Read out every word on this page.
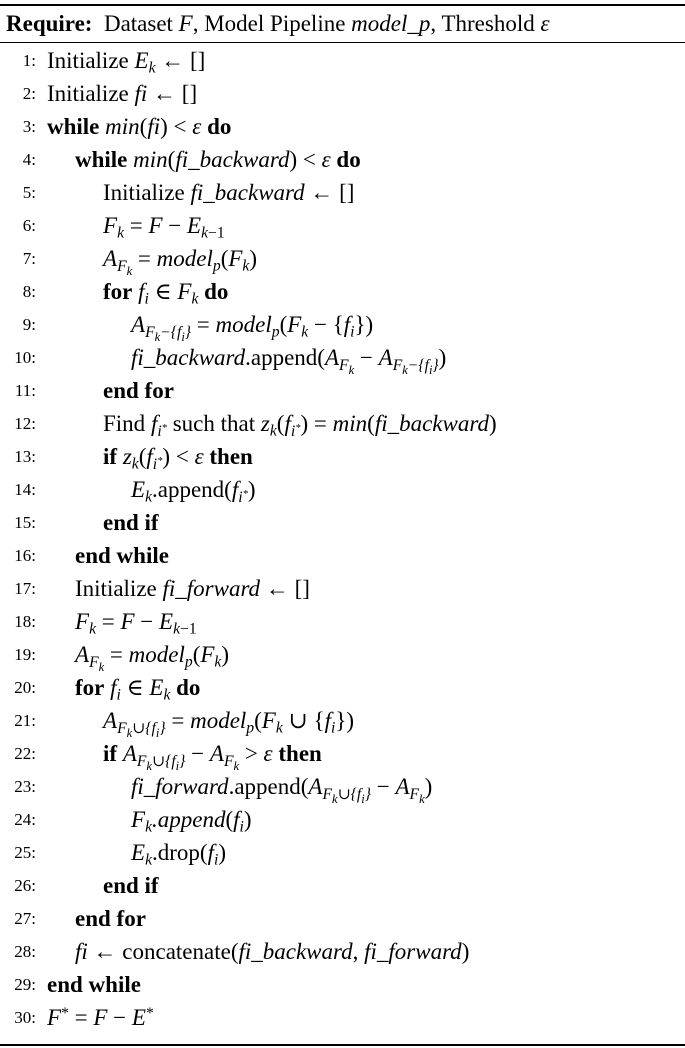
Require: Dataset F, Model Pipeline model_p, Threshold ε
1: Initialize $E_k$ ← []
2: Initialize fi ← []
3: while min(fi) < ε do
4: while min(fi_backward) < ε do
5:	Initialize fi_backward ← []
6:	$F_k = F - E_{k-1}$
7:	$A_{F_k}$ = $model_p(F_k)$
8:	for $f_i$ ∈ $F_k$ do
9:	$A_{F_k-\{f_i\}}$ = $model_p(F_k - \{f_i\})$
10:	$fi\_backward.append(A_{F_k} - A_{F_k-\{f_i\}})$
11:	end for
12:	Find $f_{i^*}$ such that $z_k(f_{i^*})$ = min(fi_backward)
13:	if $z_k(f_{i^*}) < \varepsilon$ then
14:	$E_k.append(f_{i^*})$
15:	end if
16: end while
17: Initialize fi_forward ← []
18: $F_k = F - E_{k-1}$
19: $A_{F_k}$ = $model_p(F_k)$
20: for $f_i$ ∈ $E_k$ do
21:	$A_{F_k\cup\{f_i\}}$ = $model_p(F_k$ ∪ $\{f_i\}$)
22:	if $A_{F_k\cup\{f_i\}} - A_{F_k} > \varepsilon$ then
23:	$fi\_forward.append(A_{F_k\cup\{f_i\}} - A_{F_k})$
24:	$F_k.append(f_i)$
25:	$E_k.drop(f_i)$
26:	end if
27: end for
28: fi ← concatenate(fi_backward, fi_forward)
29: end while
30: F* = F − E*
